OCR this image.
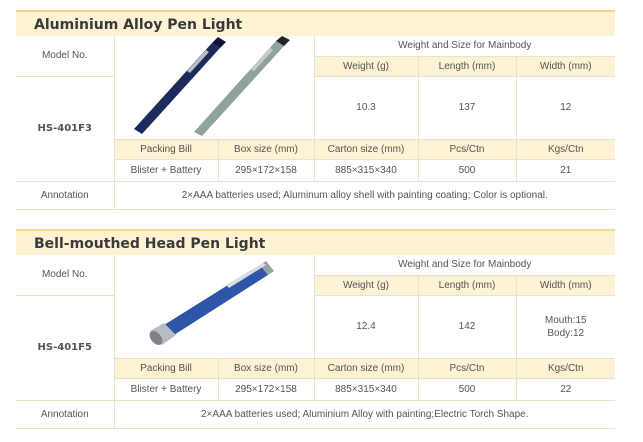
Aluminium Alloy Pen Light
Model No.			Weight and Size for Mainbody		
			Weight (g)	Length (mm)	Width (mm)
HS-401F3			10.3	137	12
	Packing Bill	Box size (mm)	Carton size (mm)	Pcs/Ctn	Kgs/Ctn
	Blister + Battery	295×172×158	885×315×340	500	21
Annotation	2×AAA batteries used; Aluminum alloy shell with painting coating; Color is optional.				
Bell-mouthed Head Pen Light
Model No.			Weight and Size for Mainbody		
			Weight (g)	Length (mm)	Width (mm)
HS-401F5			12.4	142	Mouth:15
Body:12

	Packing Bill	Box size (mm)	Carton size (mm)	Pcs/Ctn	Kgs/Ctn
	Blister + Battery	295×172×158	885×315×340	500	22
Annotation	2×AAA batteries used; Aluminium Alloy with painting;Electric Torch Shape.				
